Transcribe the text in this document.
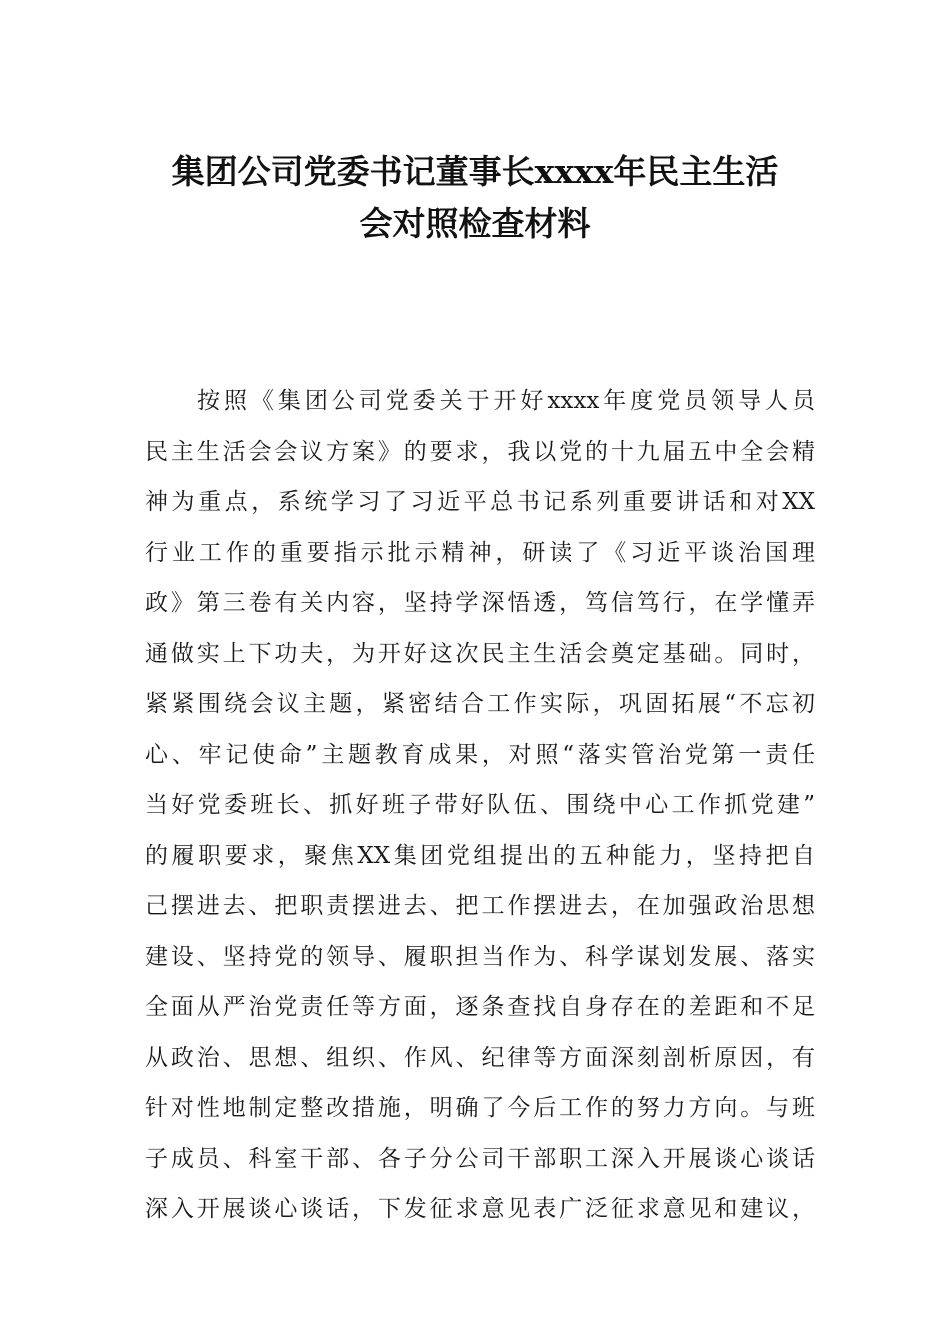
集团公司党委书记董事长xxxx年民主生活
会对照检查材料
按照《集团公司党委关于开好xxxx年度党员领导人员
民主生活会会议方案》的要求，我以党的十九届五中全会精
神为重点，系统学习了习近平总书记系列重要讲话和对XX
行业工作的重要指示批示精神，研读了《习近平谈治国理
政》第三卷有关内容，坚持学深悟透，笃信笃行，在学懂弄
通做实上下功夫，为开好这次民主生活会奠定基础。同时，
紧紧围绕会议主题，紧密结合工作实际，巩固拓展“不忘初
心、牢记使命”主题教育成果，对照“落实管治党第一责任
当好党委班长、抓好班子带好队伍、围绕中心工作抓党建”
的履职要求，聚焦XX集团党组提出的五种能力，坚持把自
己摆进去、把职责摆进去、把工作摆进去，在加强政治思想
建设、坚持党的领导、履职担当作为、科学谋划发展、落实
全面从严治党责任等方面，逐条查找自身存在的差距和不足
从政治、思想、组织、作风、纪律等方面深刻剖析原因，有
针对性地制定整改措施，明确了今后工作的努力方向。与班
子成员、科室干部、各子分公司干部职工深入开展谈心谈话
深入开展谈心谈话，下发征求意见表广泛征求意见和建议，
